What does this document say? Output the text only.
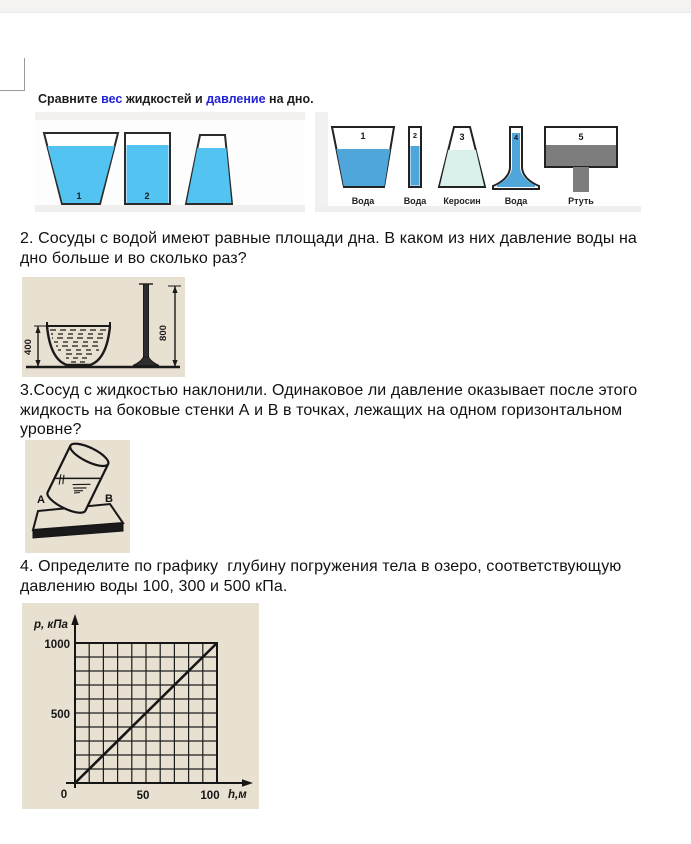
Сравните вес жидкостей и давление на дно.
1	2
1
Вода
2
Вода
3
Керосин
4
Вода
5
Ртуть
2. Сосуды с водой имеют равные площади дна. В каком из них давление воды на
дно больше и во сколько раз?
400
800
3.Сосуд с жидкостью наклонили. Одинаковое ли давление оказывает после этого
жидкость на боковые стенки А и В в точках, лежащих на одном горизонтальном
уровне?
A	B
4. Определите по графику  глубину погружения тела в озеро, соответствующую
давлению воды 100, 300 и 500 кПа.
p, кПа
1000
500
0	50	100 h,м
